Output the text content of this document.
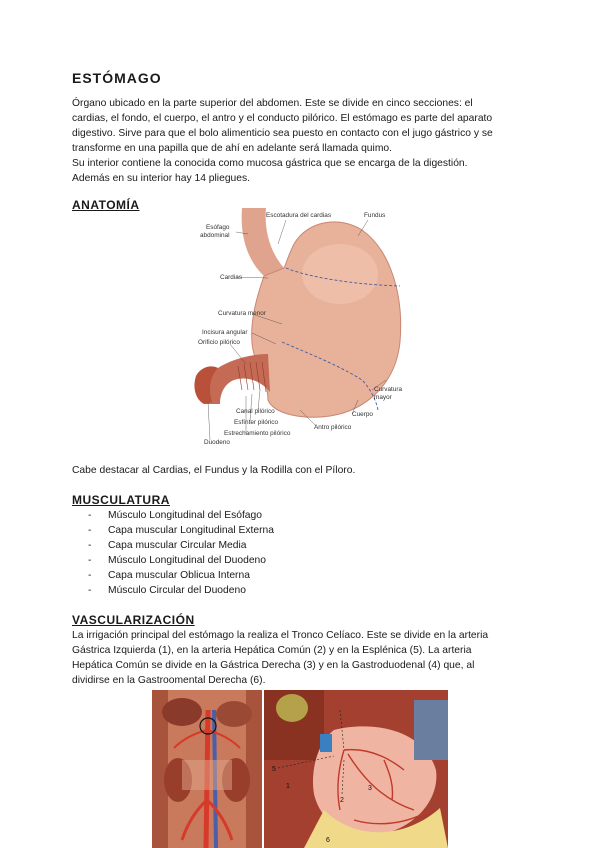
ESTÓMAGO

Órgano ubicado en la parte superior del abdomen. Este se divide en cinco secciones: el

cardias, el fondo, el cuerpo, el antro y el conducto pilórico. El estómago es parte del aparato

digestivo. Sirve para que el bolo alimenticio sea puesto en contacto con el jugo gástrico y se

transforme en una papilla que de ahí en adelante será llamada quimo.

Su interior contiene la conocida como mucosa gástrica que se encarga de la digestión.

Además en su interior hay 14 pliegues.

ANATOMÍA
Esófago
abdominal
Escotadura del cardias	Fundus
Cardias
Curvatura menor
Incisura angular
Orificio pilórico
Curvatura
mayor
Cuerpo
Canal pilórico
Esfínter pilórico
Estrechamiento pilórico
Antro pilórico
Duodeno

Cabe destacar al Cardias, el Fundus y la Rodilla con el Píloro.

MUSCULATURA
- Músculo Longitudinal del Esófago
- Capa muscular Longitudinal Externa
- Capa muscular Circular Media
- Músculo Longitudinal del Duodeno
- Capa muscular Oblicua Interna
- Músculo Circular del Duodeno
VASCULARIZACIÓN

La irrigación principal del estómago la realiza el Tronco Celíaco. Este se divide en la arteria

Gástrica Izquierda (1), en la arteria Hepática Común (2) y en la Esplénica (5). La arteria

Hepática Común se divide en la Gástrica Derecha (3) y en la Gastroduodenal (4) que, al

dividirse en la Gastroomental Derecha (6).

5
1
2
3
6
